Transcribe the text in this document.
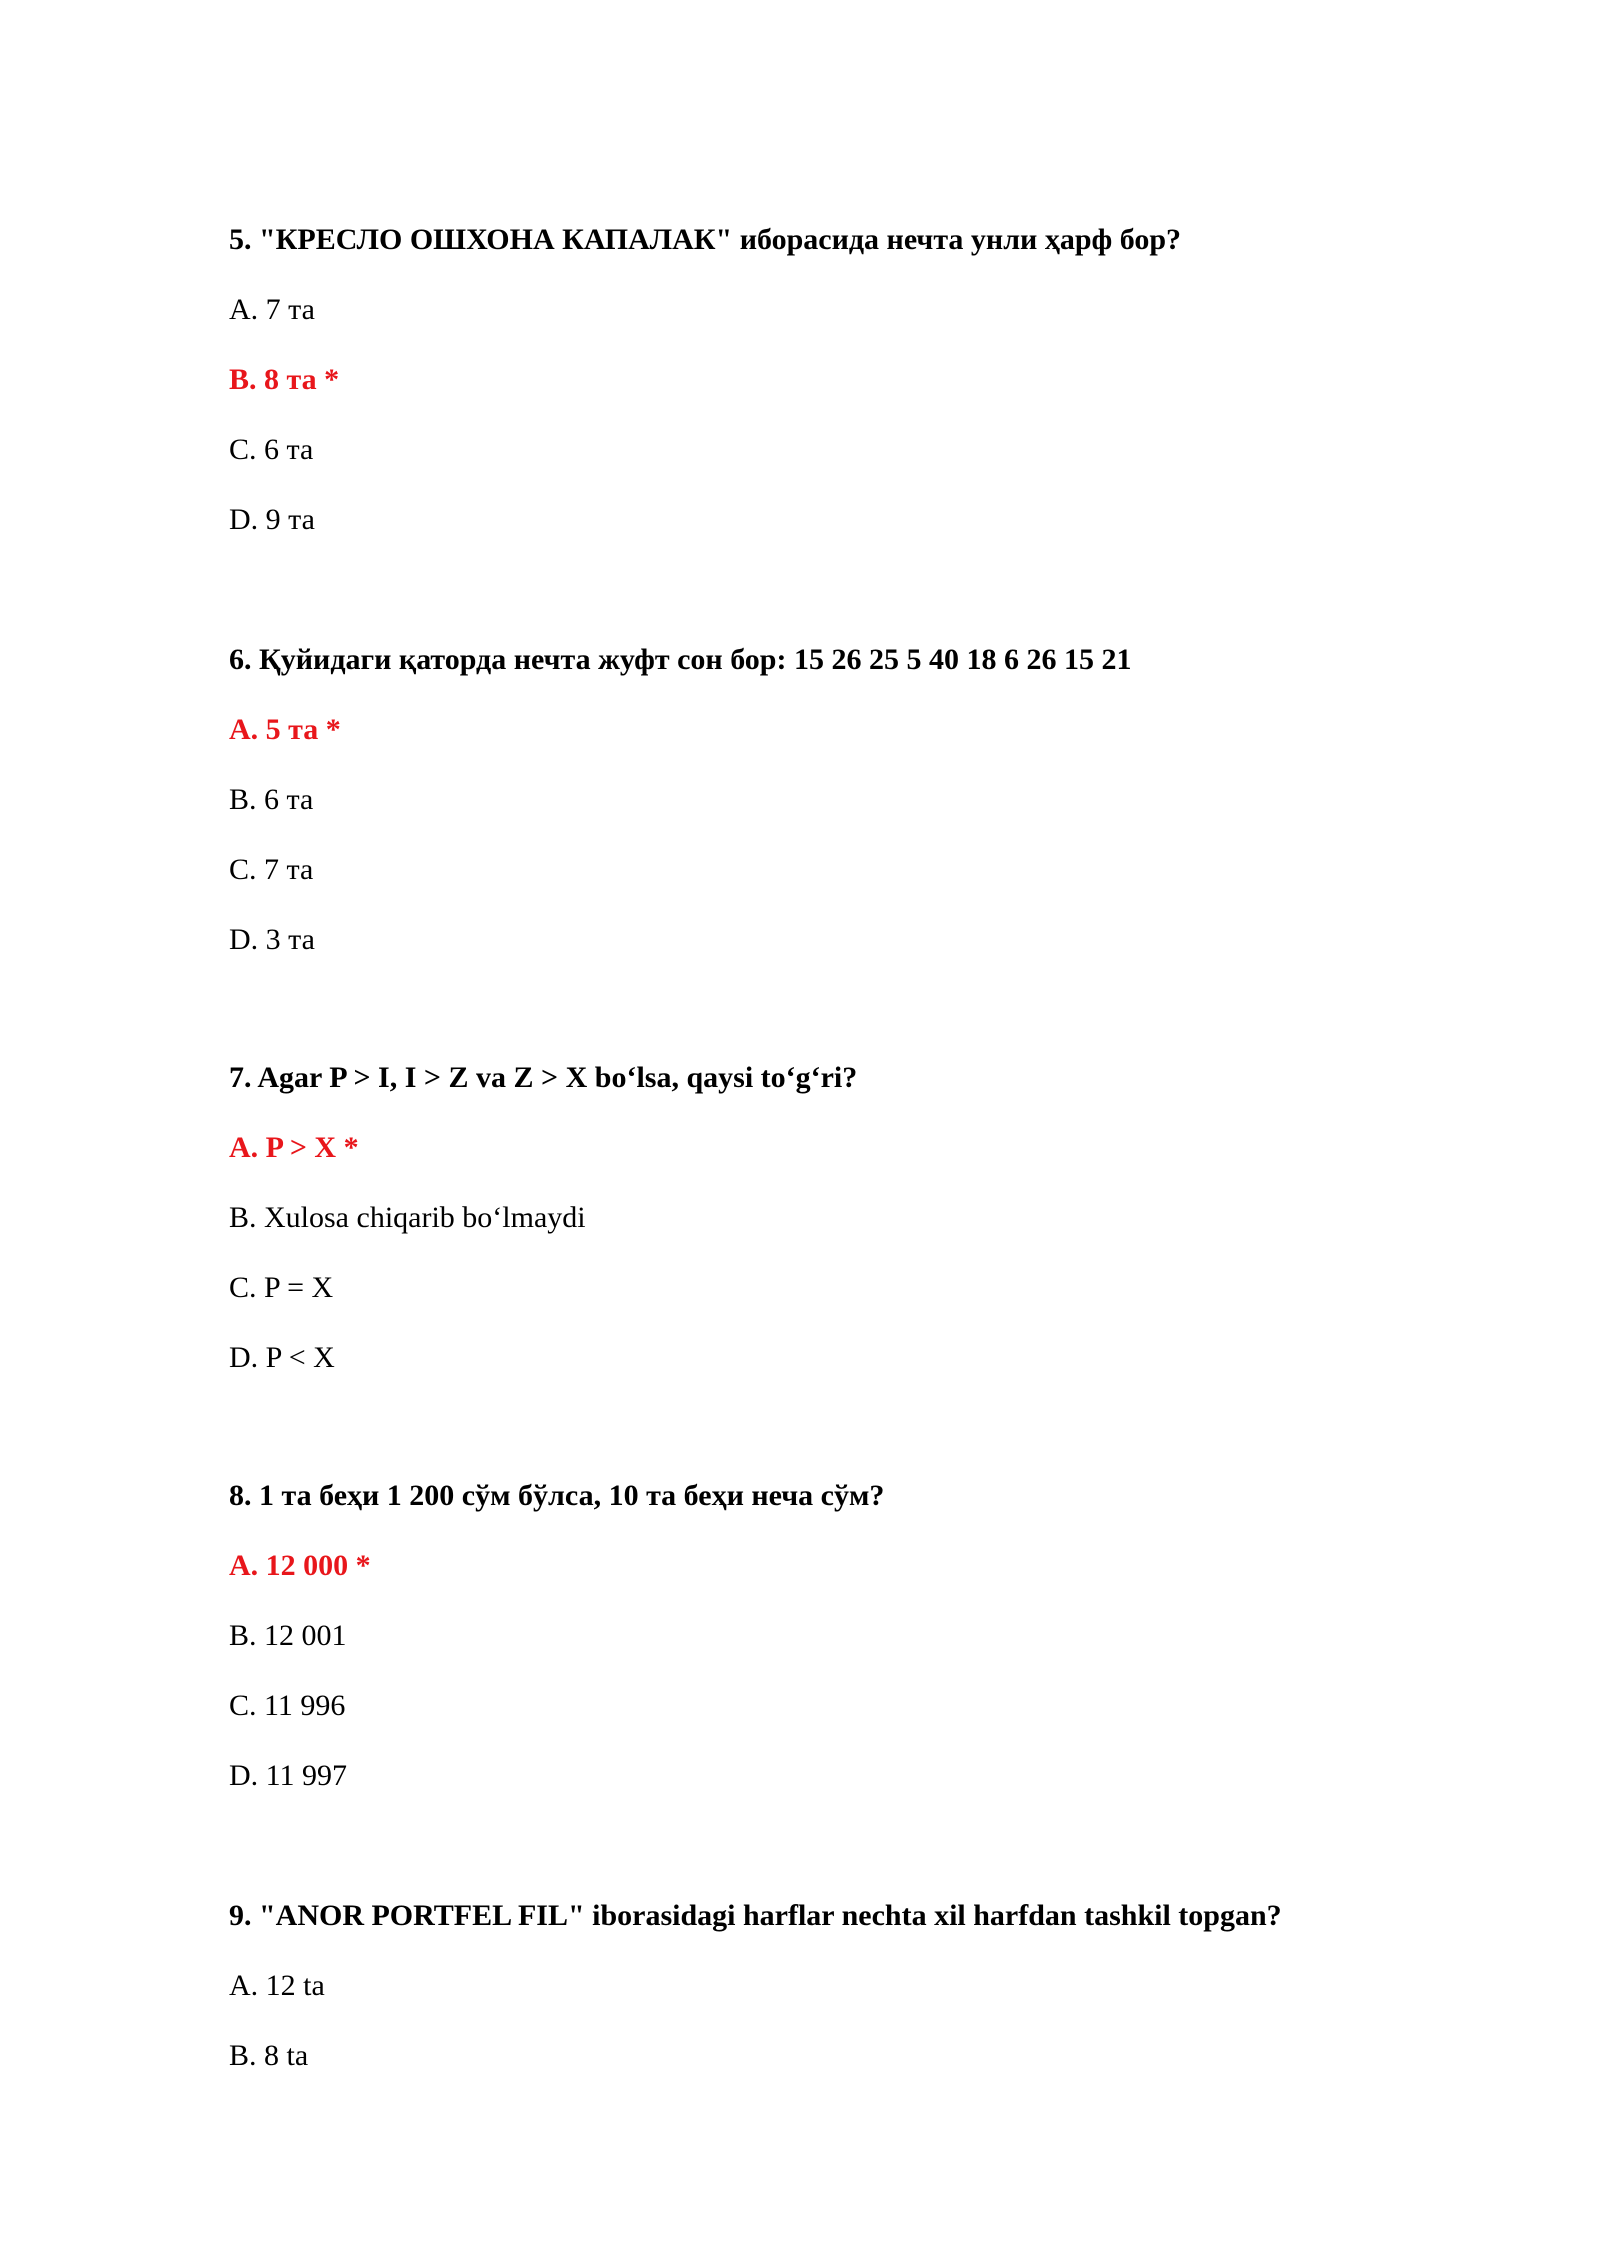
5. "КРЕСЛО ОШХОНА КАПАЛАК" иборасида нечта унли ҳарф бор?

A. 7 та

B. 8 та *

C. 6 та

D. 9 та

6. Қуйидаги қаторда нечта жуфт сон бор: 15 26 25 5 40 18 6 26 15 21

A. 5 та *

B. 6 та

C. 7 та

D. 3 та

7. Agar P > I, I > Z va Z > X bo‘lsa, qaysi to‘g‘ri?

A. P > X *

B. Xulosa chiqarib bo‘lmaydi

C. P = X

D. P < X

8. 1 та беҳи 1 200 сўм бўлса, 10 та беҳи неча сўм?

A. 12 000 *

B. 12 001

C. 11 996

D. 11 997

9. "ANOR PORTFEL FIL" iborasidagi harflar nechta xil harfdan tashkil topgan?

A. 12 ta

B. 8 ta
